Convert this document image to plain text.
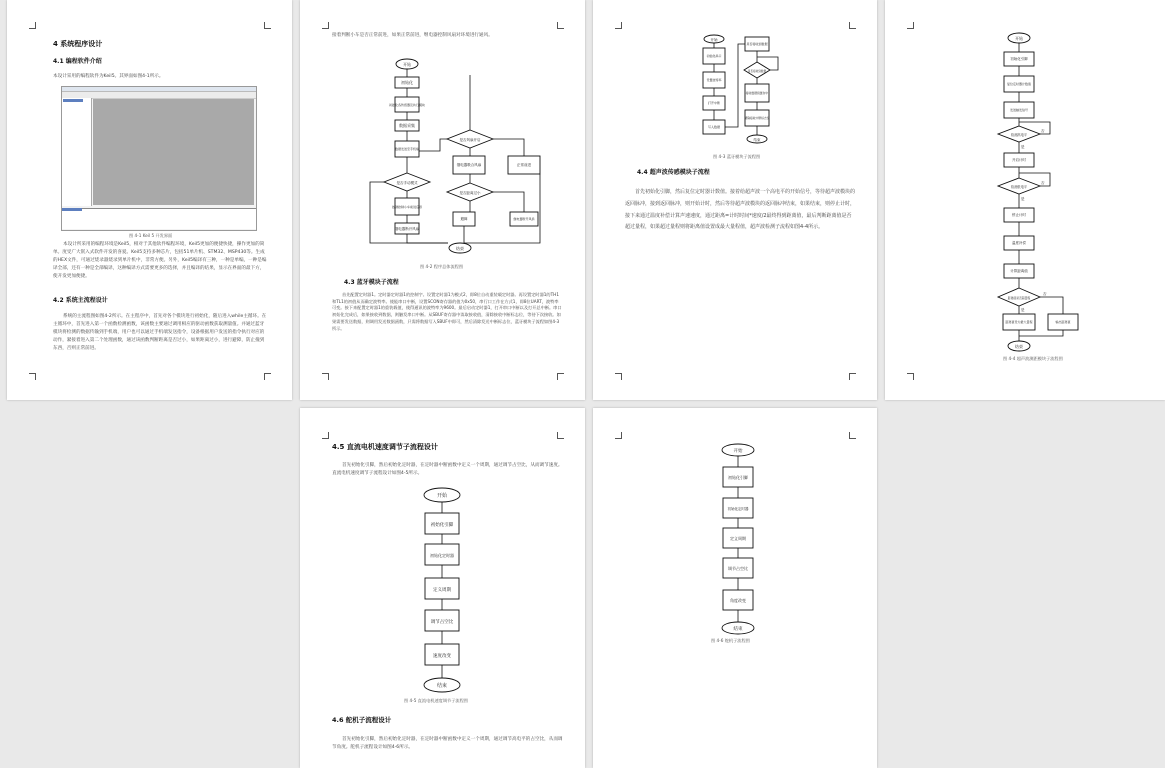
4 系统程序设计
4.1 编程软件介绍
本设计采用的编程软件为Keil5。其界面如图4-1所示。
图 4-1 Keil 5 开发界面
本设计所采用的编程环境是Keil5，相对于其他软件编程环境，Keil5更加的便捷快捷，操作更加的简单。度受广大嵌入式软件开发的喜爱。Keil5支持多种芯片，包括51单片机、STM32、MSP430等。生成的HEX文件，可通过烧录器烧录到单片机中，非常方便。另外，Keil5编译有三种，一种是单编，一种是编译全部，还有一种是全部编译，这种编译方式需要更多的选择，并且编译的结果，显示在界面的最下方，使开发更加便捷。
4.2 系统主流程设计
系统的主流程图如图4-2所示。在主程序中，首先对各个模块进行初始化，随后进入while主循环。在主循环中，首先进入第一个函数检测函数，该函数主要通过调用相应的驱动函数获取测量值。并通过蓝牙模块将检测的数据传输到手机端，用户也可以通过手机端发送指令，设备根据用户发送的指令执行对应的动作，紧接着进入第二个处理函数，通过该函数判断距离是否过小，如果距离过小，进行避障，防止撞到东西，否则正常前进。
接着判断小车是否正常前进，如果正常前进，继电器控制风扇对环境进行通风。
开始
初始化
初始化各传感器及执行模块
数据采集
数据发送至手机端
是否手动模式
按键控制小车前进后退
继电器断开风扇
是否风扇开启
继电器吸合风扇	正常前进
是否距离过小
避障	继电器断开风扇
结束
图 4-2 程序总体流程图
4.3 蓝牙模块子流程
首先配置定时器1。定时器定时器1的控制字。设置定时器1为模式2，即8位自动重装载定时器。再设置定时器1的TH1和TL1的初值从而确定波特率。使能串口中断，设置SCON寄存器的值为0x50，串行口工作在方式1，即8位UART，波特率可变。接下来配置定时器1的重装载值，使得通讯的波特率为9600。最后启动定时器1，打开串口中断以及打开总中断。串口初始化完成后，如果接收到数据，则触发串口中断。从SBUF寄存器中读取接收值，清除接收中断标志位，等待下次接收。如果需要发送数据，则调用发送数据函数，只需将数据写入SBUF中即可，然后清除发送中断标志位，蓝牙模块子流程如图4-3所示。
开始
初始化串口
设置波特率
打开中断
写入数据
是否接收到数据
是否接收到数据
接收数据到缓存中
清除接收中断标志位
结束
图 4-3 蓝牙模块子流程图
4.4 超声波传感模块子流程
首先初始化引脚，然后复位定时器计数值。接着给超声波一个高电平的开始信号，等待超声波模块的返回脉冲，接到返回脉冲，则开始计时，然后等待超声波模块的返回脉冲结束，如果结束，则停止计时，接下来通过温度补偿计算声速速度，通过距离=计时时间*速度/2最终得到距离值，最后判断距离值是否超过量程，如果超过量程则将距离值设置成最大量程值，超声波检测子流程如图4-4所示。
开始
初始化引脚
复位定时器计数值
发送触发信号
检测高电平
开启计时
检测低电平
停止计时
温度补偿
计算距离值
距离值是否超量程
距离值设为最大量程	输出距离值
结束
是
否
是
否
是
否
图 4-4 超声波测距模块子流程图
4.5 直流电机速度调节子流程设计
首先初始化引脚，然后初始化定时器，在定时器中断函数中定义一个周期，通过调节占空比，从而调节速度。直流电机速度调节子流程设计如图4-5所示。
开始
初始化引脚
初始化定时器
定义周期
调节占空比
速度改变
结束
图 4-5 直流电机速度调节子流程图
4.6 舵机子流程设计
首先初始化引脚，然后初始化定时器，在定时器中断函数中定义一个周期，通过调节高电平的占空比，从而调节角度。舵机子流程设计如图4-6所示。
开始
初始化引脚
初始化定时器
定义周期
调节占空比
角度改变
结束
图 4-6 舵机子流程图
